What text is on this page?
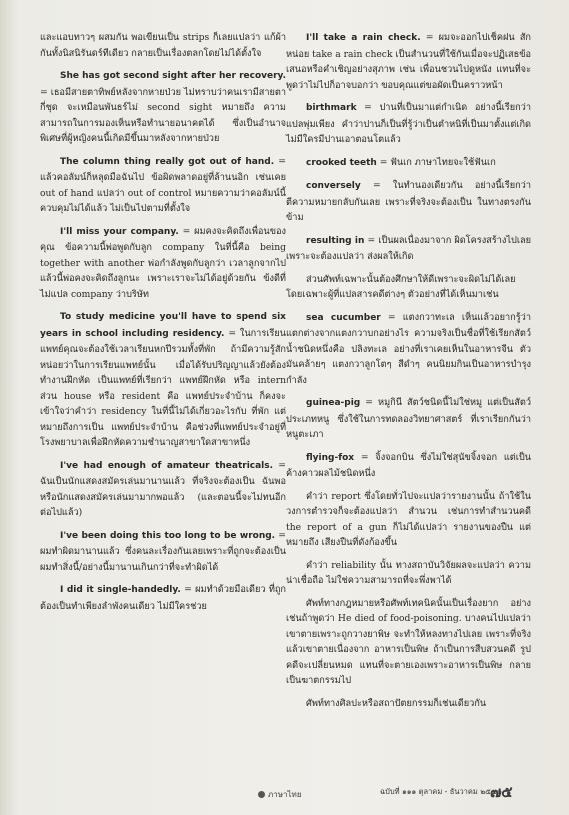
และแอบทาวๆ ผสมกัน พอเขียนเป็น strips ก็เลยแปลว่า แก้ผ้ากันทั้งนิสนิรันดร์ทีเดียว กลายเป็นเรื่องตลกโดยไม่ได้ตั้งใจ

She has got second sight after her recovery. = เธอมีสายตาทิพย์หลังจากหายป่วย ไม่ทราบว่าคนเรามีสายตากี่ชุด จะเหมือนพันธร์ไม่ second sight หมายถึง ความสามารถในการมองเห็นหรือทำนายอนาคตได้ ซึ่งเป็นอำนาจพิเศษที่ผู้หญิงคนนี้เกิดมีขึ้นมาหลังจากหายป่วย

The column thing really got out of hand. = แล้วคอลัมน์ก็หลุดมือฉันไป ข้อผิดพลาดอยู่ที่ล้านนอิก เช่นเคย out of hand แปลว่า out of control หมายความว่าคอลัมน์นี้ควบคุมไม่ได้แล้ว ไม่เป็นไปตามที่ตั้งใจ

I'll miss your company. = ผมคงจะคิดถึงเพื่อนของคุณ ข้อความนี้พ่อพูดกับลูก company ในที่นี้คือ being together with another พ่อกำลังพูดกับลูกว่า เวลาลูกจากไปแล้วนี้พ่อคงจะคิดถึงลูกนะ เพราะเราจะไม่ได้อยู่ด้วยกัน ข้งดีที่ไม่แปล company ว่าบริษัท

To study medicine you'll have to spend six years in school including residency. = ในการเรียนแพทย์คุณจะต้องใช้เวลาเรียนหกปีรวมทั้งที่พัก ถ้ามีความรู้สักหน่อยว่าในการเรียนแพทย์นั้น เมื่อได้รับปริญญาแล้วยังต้องทำงานฝึกหัด เป็นแพทย์ที่เรียกว่า แพทย์ฝึกหัด หรือ intern ส่วน house หรือ resident คือ แพทย์ประจำบ้าน ก็คงจะเข้าใจว่าคำว่า residency ในที่นี้ไม่ได้เกี่ยวอะไรกับ ที่พัก แต่หมายถึงการเป็น แพทย์ประจำบ้าน คือช่วงที่แพทย์ประจำอยู่ที่โรงพยาบาลเพื่อฝึกหัดความชำนาญสาขาใดสาขาหนึ่ง

I've had enough of amateur theatricals. = ฉันเป็นนักแสดงสมัครเล่นมานานแล้ว ที่จริงจะต้องเป็น ฉันพอหรือนักแสดงสมัครเล่นมามากพอแล้ว (และตอนนี้จะไม่ทนอีกต่อไปแล้ว)

I've been doing this too long to be wrong. = ผมทำผิดมานานแล้ว ซึ่งคนละเรื่องกันเลยเพราะที่ถูกจะต้องเป็น ผมทำสิ่งนี้/อย่างนี้มานานเกินกว่าที่จะทำผิดได้

I did it single-handedly. = ผมทำด้วยมือเดียว ที่ถูกต้องเป็นทำเพียงลำพังคนเดียว ไม่มีใครช่วย

I'll take a rain check. = ผมจะออกไปเช็คฝน สักหน่อย take a rain check เป็นสำนวนที่ใช้กันเมื่อจะปฏิเสธข้อเสนอหรือคำเชิญอย่างสุภาพ เช่น เพื่อนชวนไปดูหนัง แทนที่จะพูดว่าไม่ไปก็อาจบอกว่า ขอบคุณแต่ขอผัดเป็นคราวหน้า

birthmark = ปานที่เป็นมาแต่กำเนิด อย่างนี้เรียกว่าแปลพุ่มเพียง คำว่าปานก็เป็นที่รู้ว่าเป็นตำหนิที่เป็นมาตั้งแต่เกิด ไม่มีใครมีปานเอาตอนโตแล้ว

crooked teeth = ฟันเก ภาษาไทยจะใช้ฟันเก

conversely = ในทำนองเดียวกัน อย่างนี้เรียกว่าตีความหมายกลับกันเลย เพราะที่จริงจะต้องเป็น ในทางตรงกันข้าม

resulting in = เป็นผลเนื่องมาจาก ผิดโครงสร้างไปเลย เพราะจะต้องแปลว่า ส่งผลให้เกิด

ส่วนศัพท์เฉพาะนั้นต้องศึกษาให้ดีเพราะจะผิดไม่ได้เลย โดยเฉพาะผู้ที่แปลสารคดีต่างๆ ตัวอย่างที่ได้เห็นมาเช่น

sea cucumber = แตงกวาทะเล เห็นแล้วอยากรู้ว่าแตกต่างจากแตงกวาบกอย่างไร ความจริงเป็นชื่อที่ใช้เรียกสัตว์น้ำชนิดหนึ่งคือ ปลิงทะเล อย่างที่เราเคยเห็นในอาหารจีน ตัวมันคล้ายๆ แตงกวาลูกโตๆ สีดำๆ คนนิยมกินเป็นอาหารบำรุงกำลัง

guinea-pig = หมูกินี สัตว์ชนิดนี้ไม่ใช่หมู แต่เป็นสัตว์ประเภทหนู ซึ่งใช้ในการทดลองวิทยาศาสตร์ ที่เราเรียกกันว่า หนูตะเภา

flying-fox = จิ้งจอกบิน ซึ่งไม่ใช่สุนัขจิ้งจอก แต่เป็นค้างคาวผลไม้ชนิดหนึ่ง

คำว่า report ซึ่งโดยทั่วไปจะแปลว่ารายงานนั้น ถ้าใช้ในวงการตำรวจก็จะต้องแปลว่า สำนวน เช่นการทำสำนวนคดี the report of a gun ก็ไม่ได้แปลว่า รายงานของปืน แต่หมายถึง เสียงปืนที่ดังก้องขึ้น

คำว่า reliability นั้น ทางสถาบันวิจัยผลจะแปลว่า ความน่าเชื่อถือ ไม่ใช่ความสามารถที่จะพึ่งพาได้

ศัพท์ทางกฎหมายหรือศัพท์เทคนิคนั้นเป็นเรื่องยาก อย่างเช่นถ้าพูดว่า He died of food-poisoning. บางคนไปแปลว่า เขาตายเพราะถูกวางยาพิษ จะทำให้หลงทางไปเลย เพราะที่จริงแล้วเขาตายเนื่องจาก อาหารเป็นพิษ ถ้าเป็นการสืบสวนคดี รูปคดีจะเปลี่ยนหมด แทนที่จะตายเองเพราะอาหารเป็นพิษ กลายเป็นฆาตกรรมไป

ศัพท์ทางศิลปะหรือสถาปัตยกรรมก็เช่นเดียวกัน

ภาษาไทย	ฉบับที่ ๑๑๑ ตุลาคม - ธันวาคม ๒๕๕๓
๗๕
